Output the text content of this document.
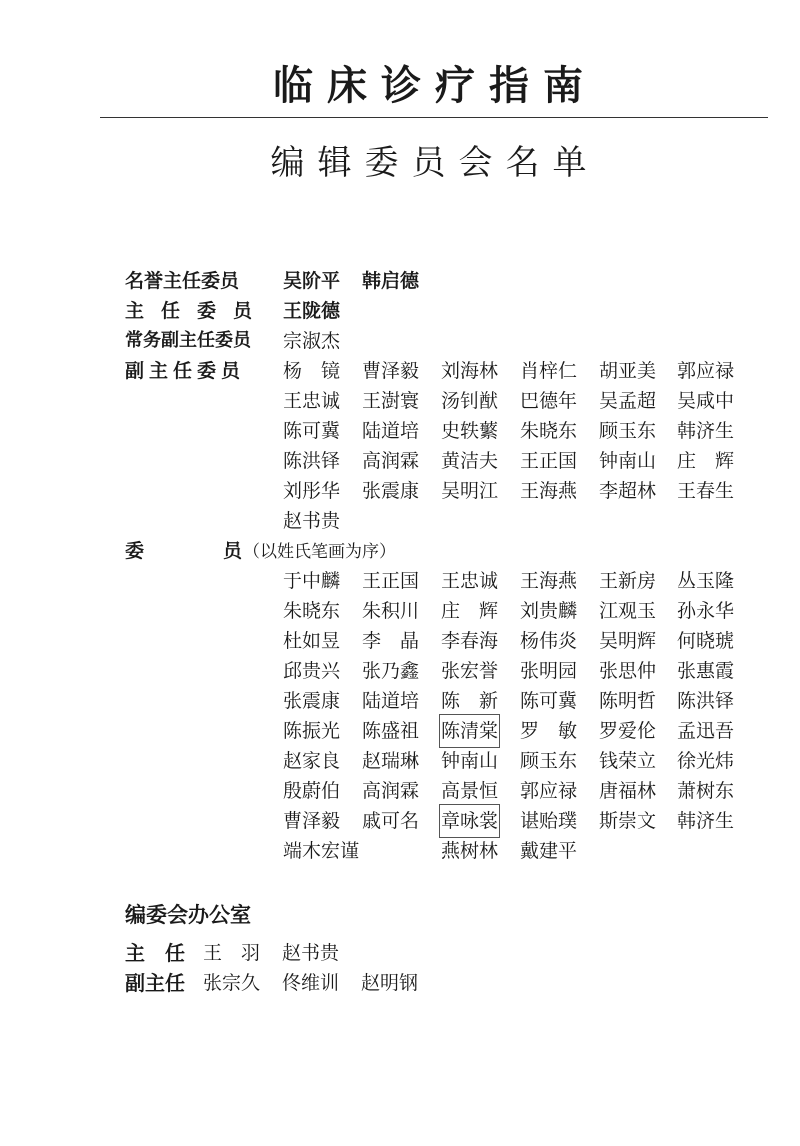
临床诊疗指南
编辑委员会名单
名誉主任委员 吴阶平 韩启德
主任委员 王陇德
常务副主任委员 宗淑杰
副主任委员 杨　镜 曹泽毅 刘海林 肖梓仁 胡亚美 郭应禄
王忠诚 王澍寰 汤钊猷 巴德年 吴孟超 吴咸中
陈可冀 陆道培 史轶蘩 朱晓东 顾玉东 韩济生
陈洪铎 高润霖 黄洁夫 王正国 钟南山 庄　辉
刘彤华 张震康 吴明江 王海燕 李超林 王春生
赵书贵
委	员 （以姓氏笔画为序）
于中麟 王正国 王忠诚 王海燕 王新房 丛玉隆
朱晓东 朱积川 庄　辉 刘贵麟 江观玉 孙永华
杜如昱 李　晶 李春海 杨伟炎 吴明辉 何晓琥
邱贵兴 张乃鑫 张宏誉 张明园 张思仲 张惠霞
张震康 陆道培 陈　新 陈可冀 陈明哲 陈洪铎
陈振光 陈盛祖 陈清棠 罗　敏 罗爱伦 孟迅吾
赵家良 赵瑞琳 钟南山 顾玉东 钱荣立 徐光炜
殷蔚伯 高润霖 高景恒 郭应禄 唐福林 萧树东
曹泽毅 戚可名 章咏裳 谌贻璞 斯崇文 韩济生
端木宏谨	燕树林 戴建平
编委会办公室
主任
王　羽 赵书贵
副主任 张宗久 佟维训 赵明钢
